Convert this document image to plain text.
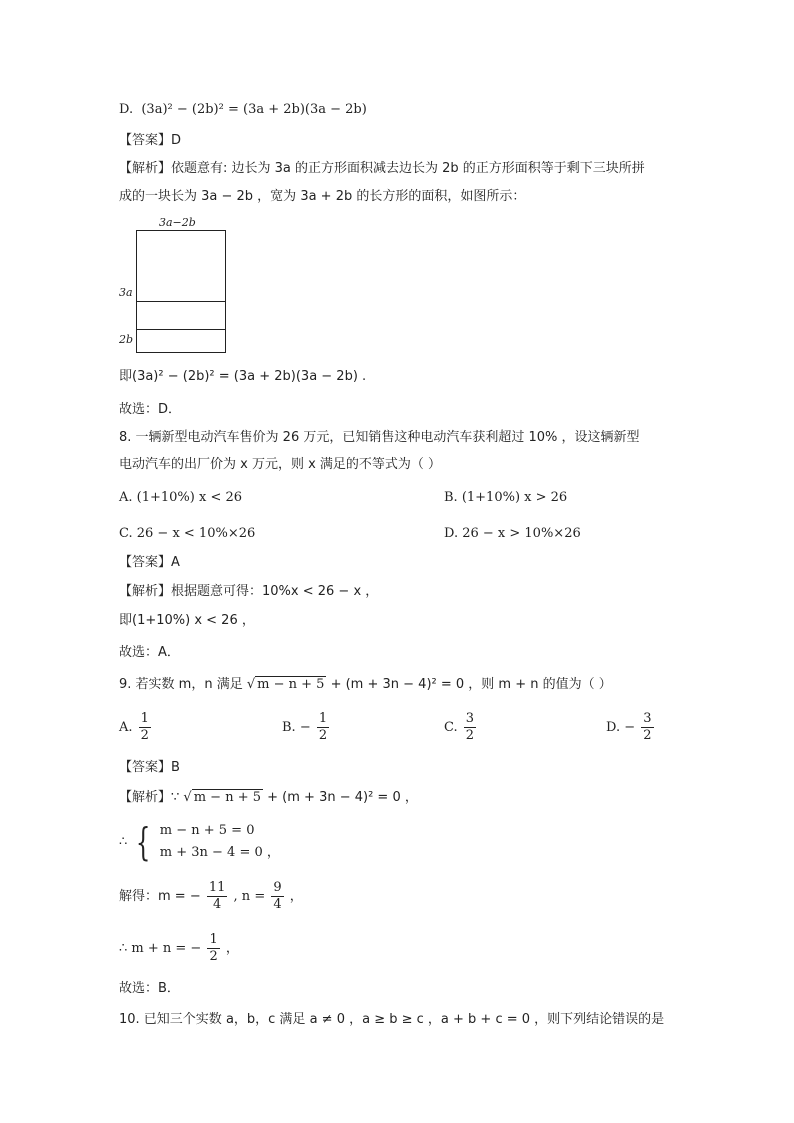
D. (3a)² − (2b)² = (3a + 2b)(3a − 2b)
【答案】D
【解析】依题意有: 边长为 3a 的正方形面积减去边长为 2b 的正方形面积等于剩下三块所拼
成的一块长为 3a − 2b ，宽为 3a + 2b 的长方形的面积，如图所示：
3a−2b
3a
2b
即(3a)² − (2b)² = (3a + 2b)(3a − 2b) .
故选：D．
8. 一辆新型电动汽车售价为 26 万元，已知销售这种电动汽车获利超过 10% ，设这辆新型
电动汽车的出厂价为 x 万元，则 x 满足的不等式为（ ）
A. (1+10%) x < 26	B. (1+10%) x > 26
C. 26 − x < 10%×26	D. 26 − x > 10%×26
【答案】A
【解析】根据题意可得：10%x < 26 − x ，
即(1+10%) x < 26 ，
故选：A．
9. 若实数 m，n 满足 √ m − n + 5 + (m + 3n − 4)² = 0 ，则 m + n 的值为（ ）
A. $\frac{1}{2}$	B. − $\frac{1}{2}$	C. $\frac{3}{2}$	D. − $\frac{3}{2}$
【答案】B
【解析】∵ √ m − n + 5 + (m + 3n − 4)² = 0 ，
∴ { m − n + 5 = 0
m + 3n − 4 = 0 ，
解得：m = − $\frac{11}{4}$ , $n = \frac{9}{4}$ ，
∴ m + n = − $\frac{1}{2}$ ，
故选：B．
10. 已知三个实数 a，b，c 满足 a ≠ 0 ，a ≥ b ≥ c ，a + b + c = 0 ，则下列结论错误的是
